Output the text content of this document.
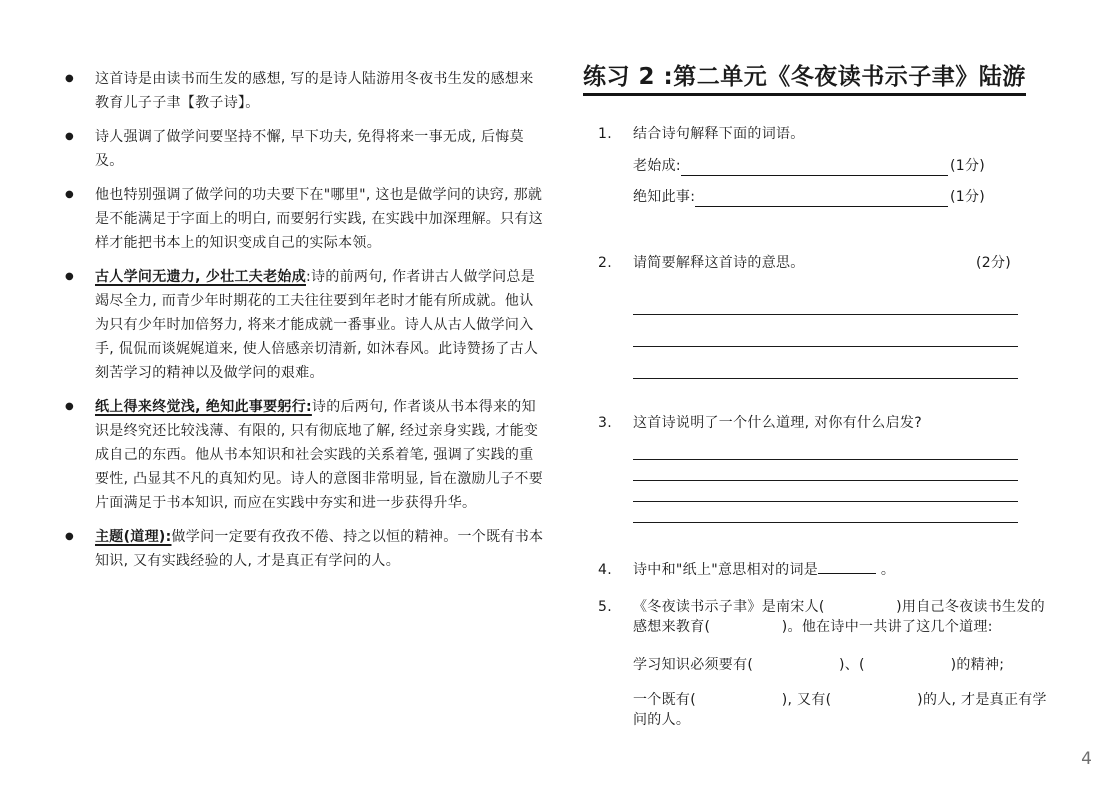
●	这首诗是由读书而生发的感想, 写的是诗人陆游用冬夜书生发的感想来教育儿子子聿【教子诗】。
●	诗人强调了做学问要坚持不懈, 早下功夫, 免得将来一事无成, 后悔莫及。
●	他也特别强调了做学问的功夫要下在"哪里", 这也是做学问的诀窍, 那就是不能满足于字面上的明白, 而要躬行实践, 在实践中加深理解。只有这样才能把书本上的知识变成自己的实际本领。
●	古人学问无遗力, 少壮工夫老始成:诗的前两句, 作者讲古人做学问总是竭尽全力, 而青少年时期花的工夫往往要到年老时才能有所成就。他认为只有少年时加倍努力, 将来才能成就一番事业。诗人从古人做学问入手, 侃侃而谈娓娓道来, 使人倍感亲切清新, 如沐春风。此诗赞扬了古人刻苦学习的精神以及做学问的艰难。
●	纸上得来终觉浅, 绝知此事要躬行:诗的后两句, 作者谈从书本得来的知识是终究还比较浅薄、有限的, 只有彻底地了解, 经过亲身实践, 才能变成自己的东西。他从书本知识和社会实践的关系着笔, 强调了实践的重要性, 凸显其不凡的真知灼见。诗人的意图非常明显, 旨在激励儿子不要片面满足于书本知识, 而应在实践中夯实和进一步获得升华。
●	主题(道理):做学问一定要有孜孜不倦、持之以恒的精神。一个既有书本知识, 又有实践经验的人, 才是真正有学问的人。
练习 2 :第二单元《冬夜读书示子聿》陆游
1.	结合诗句解释下面的词语。
老始成:	(1分)
绝知此事:	(1分)
2.	请简要解释这首诗的意思。	(2分)
3.	这首诗说明了一个什么道理, 对你有什么启发?
4.	诗中和"纸上"意思相对的词是	。
5.	《冬夜读书示子聿》是南宋人(　　　　　)用自己冬夜读书生发的感想来教育(　　　　　)。他在诗中一共讲了这几个道理:

学习知识必须要有(　　　　　　)、(　　　　　　)的精神;

一个既有(　　　　　　), 又有(　　　　　　)的人, 才是真正有学问的人。

4
